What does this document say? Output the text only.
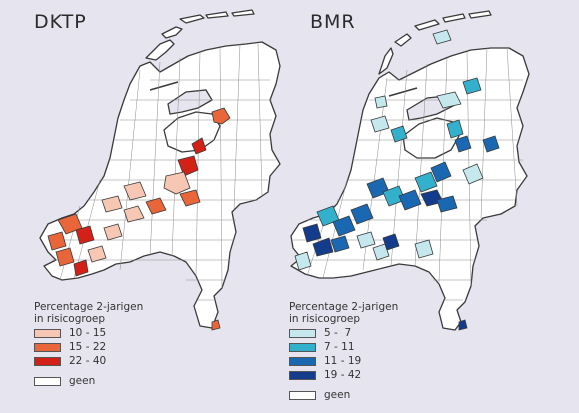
DKTP
Percentage 2-jarigen
in risicogroep
10 - 15
15 - 22
22 - 40
geen
BMR
Percentage 2-jarigen
in risicogroep
5 -  7
7 - 11
11 - 19
19 - 42
geen
